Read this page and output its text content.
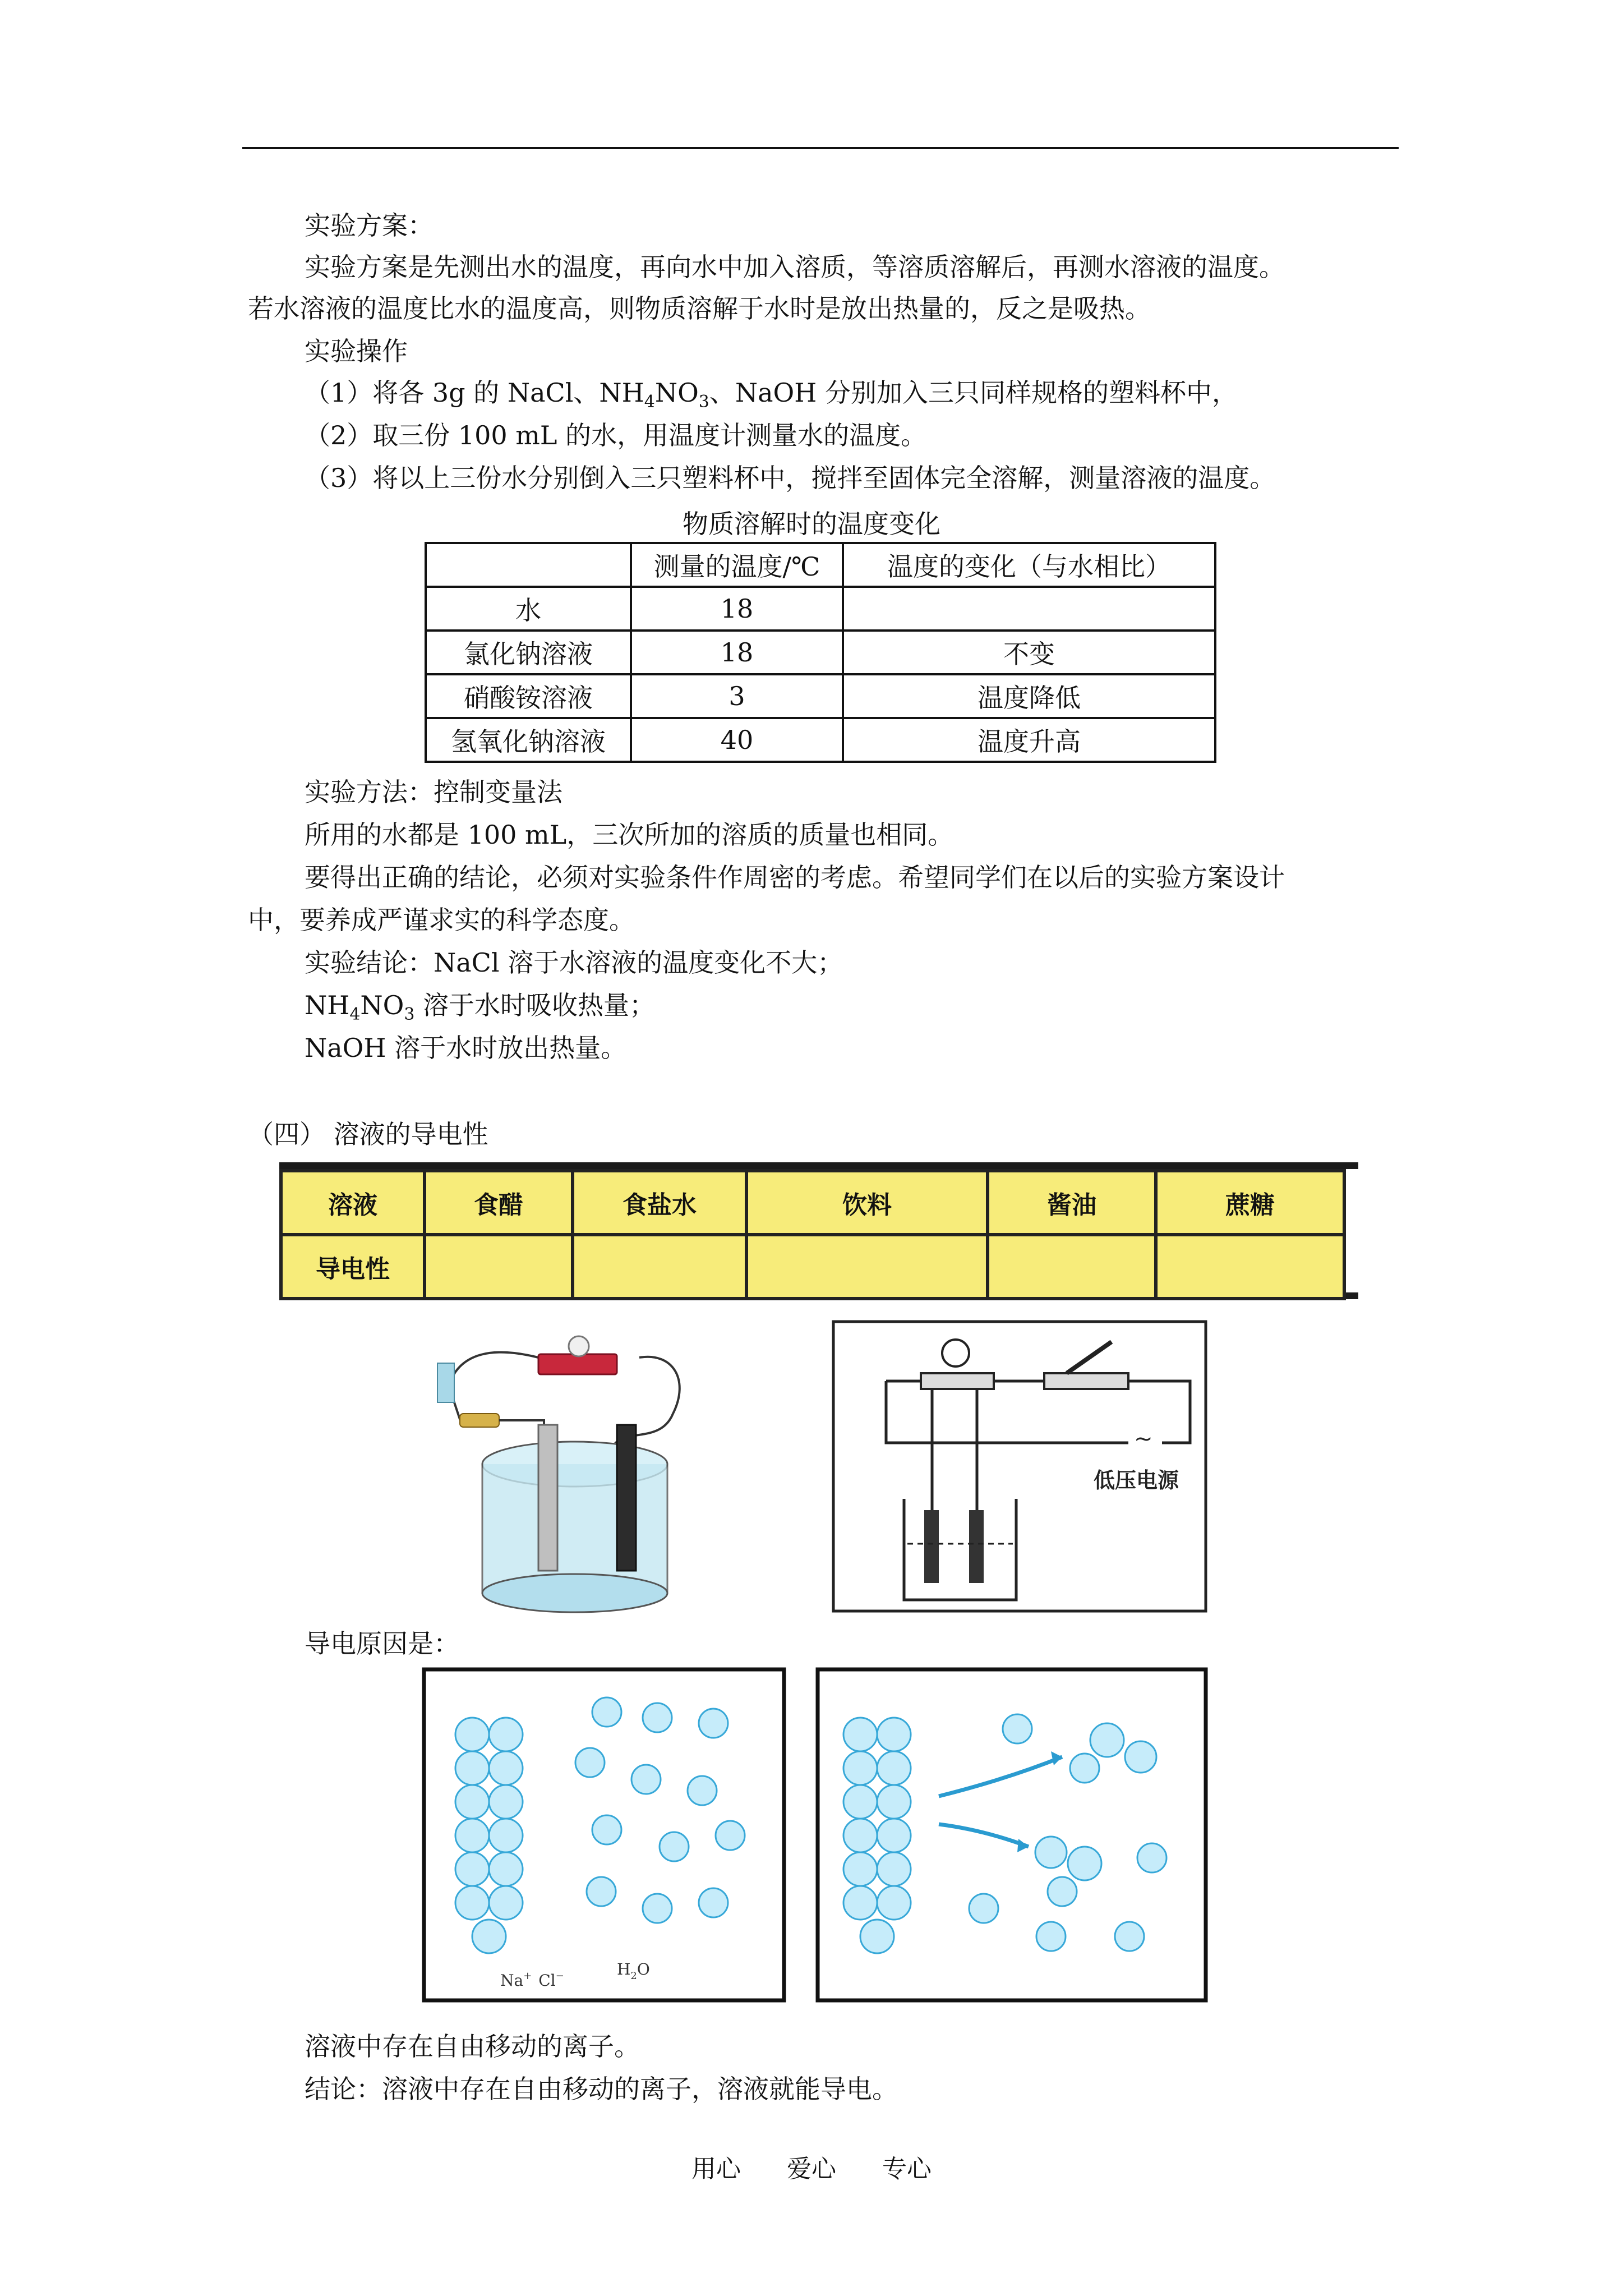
实验方案：
实验方案是先测出水的温度，再向水中加入溶质，等溶质溶解后，再测水溶液的温度。
若水溶液的温度比水的温度高，则物质溶解于水时是放出热量的，反之是吸热。
实验操作
（1）将各 3g 的 NaCl、$NH_4NO_3$、NaOH 分别加入三只同样规格的塑料杯中，
（2）取三份 100 mL 的水，用温度计测量水的温度。
（3）将以上三份水分别倒入三只塑料杯中，搅拌至固体完全溶解，测量溶液的温度。
物质溶解时的温度变化
	测量的温度/℃	温度的变化（与水相比）
水	18	
氯化钠溶液	18	不变
硝酸铵溶液	3	温度降低
氢氧化钠溶液	40	温度升高
实验方法：控制变量法
所用的水都是 100 mL，三次所加的溶质的质量也相同。
要得出正确的结论，必须对实验条件作周密的考虑。希望同学们在以后的实验方案设计
中，要养成严谨求实的科学态度。
实验结论：NaCl 溶于水溶液的温度变化不大；
$NH_4NO_3$ 溶于水时吸收热量；
NaOH 溶于水时放出热量。
（四） 溶液的导电性
溶液	食醋	食盐水	饮料	酱油	蔗糖
导电性					
~
低压电源
导电原因是：
Na+ Cl−	$H_2O$
溶液中存在自由移动的离子。
结论：溶液中存在自由移动的离子，溶液就能导电。
用心 爱心 专心
